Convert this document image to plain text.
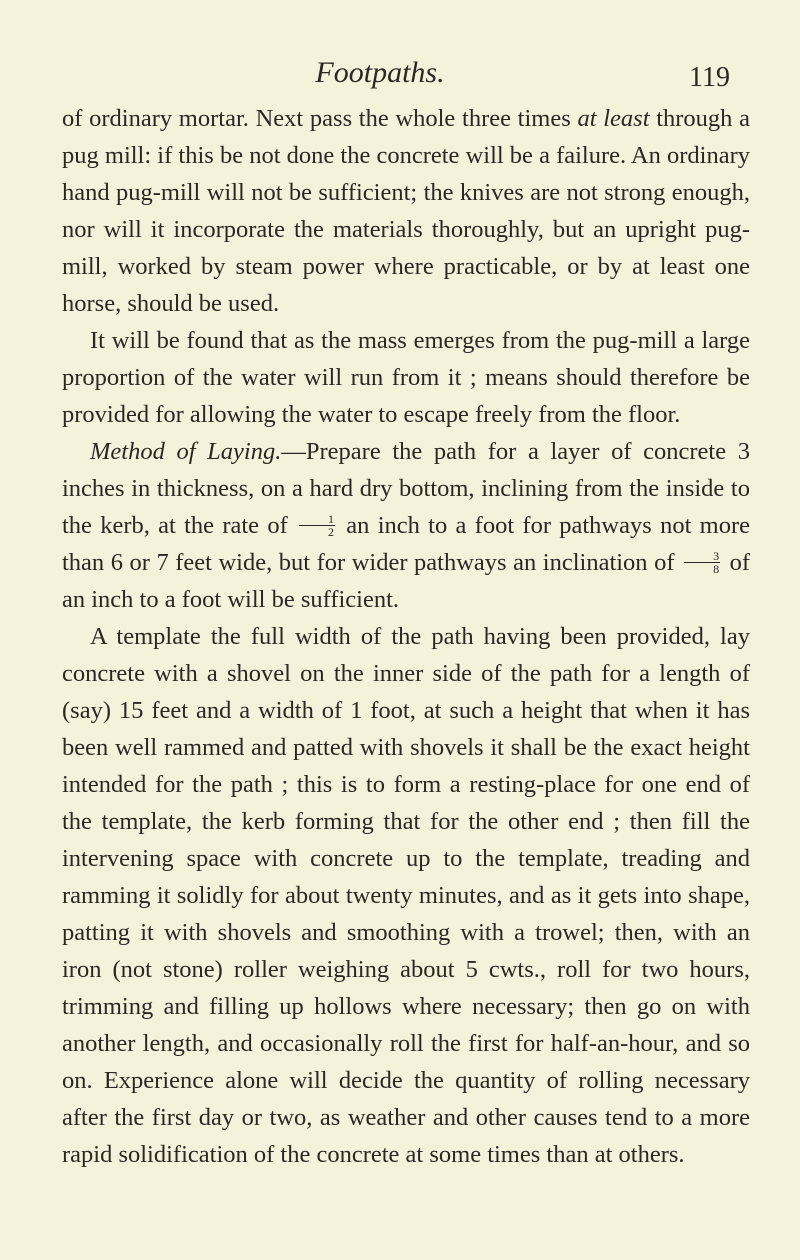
Footpaths.	119

of ordinary mortar. Next pass the whole three times at least through a pug mill: if this be not done the concrete will be a failure. An ordinary hand pug-mill will not be sufficient; the knives are not strong enough, nor will it incorporate the materials thoroughly, but an upright pug-mill, worked by steam power where practicable, or by at least one horse, should be used.

It will be found that as the mass emerges from the pug-mill a large proportion of the water will run from it ; means should therefore be provided for allowing the water to escape freely from the floor.

Method of Laying.—Prepare the path for a layer of concrete 3 inches in thickness, on a hard dry bottom, inclining from the inside to the kerb, at the rate of $\frac{1}{2}$ an inch to a foot for pathways not more than 6 or 7 feet wide, but for wider pathways an inclination of $\frac{3}{8}$ of an inch to a foot will be sufficient.

A template the full width of the path having been provided, lay concrete with a shovel on the inner side of the path for a length of (say) 15 feet and a width of 1 foot, at such a height that when it has been well rammed and patted with shovels it shall be the exact height intended for the path ; this is to form a resting-place for one end of the template, the kerb forming that for the other end ; then fill the intervening space with concrete up to the template, treading and ramming it solidly for about twenty minutes, and as it gets into shape, patting it with shovels and smoothing with a trowel; then, with an iron (not stone) roller weighing about 5 cwts., roll for two hours, trimming and filling up hollows where necessary; then go on with another length, and occasionally roll the first for half-an-hour, and so on. Experience alone will decide the quantity of rolling necessary after the first day or two, as weather and other causes tend to a more rapid solidification of the concrete at some times than at others.
